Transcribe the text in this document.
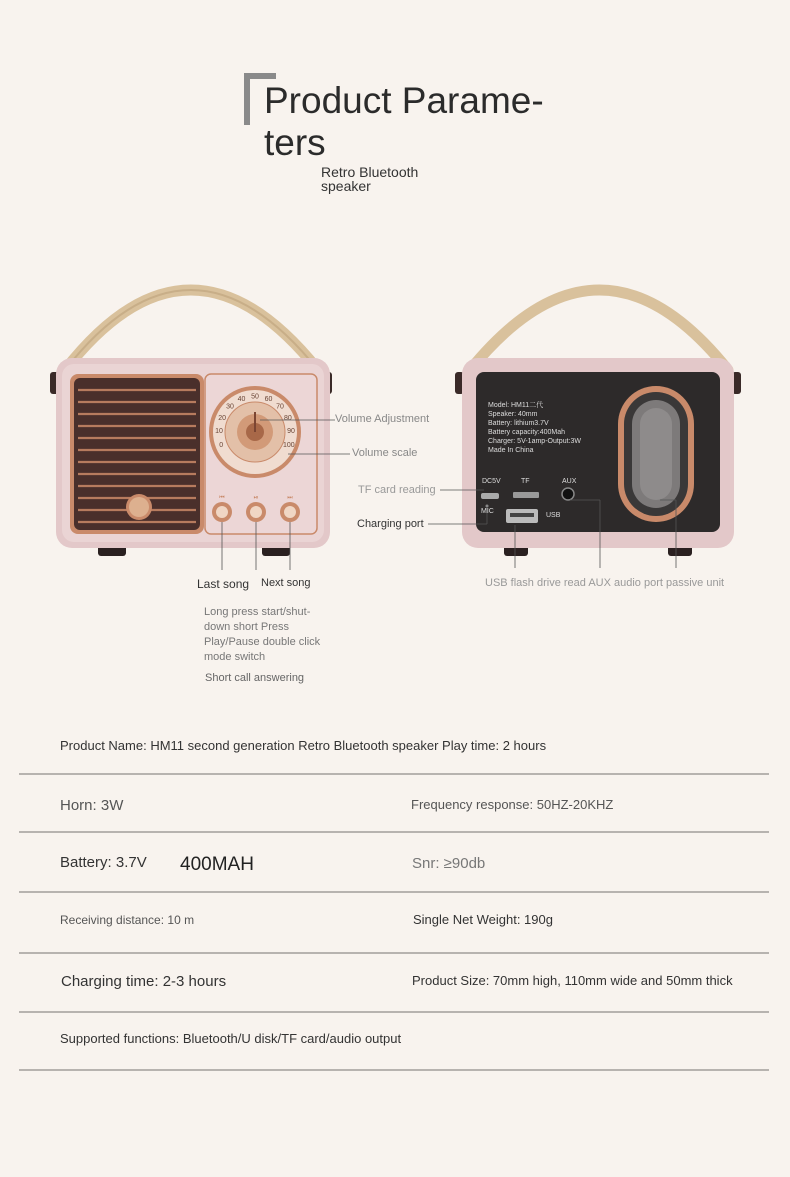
Product Parame-ters
Retro Bluetooth speaker
0
10
20
30
40 50 60
70
80
90
100
⏮	⏯	⏭
Model: HM11二代
Speaker: 40mm
Battery: lithium3.7V
Battery capacity:400Mah
Charger: 5V-1amp-Output:3W
Made In China
DC5V	TF	AUX
MIC
USB
Volume Adjustment
Volume scale
Last song Next song
Long press start/shut-down short Press Play/Pause double click mode switch
Short call answering
TF card reading
Charging port
USB flash drive read AUX audio port passive unit
Product Name: HM11 second generation Retro Bluetooth speaker Play time: 2 hours
Horn: 3W	Frequency response: 50HZ-20KHZ
Battery: 3.7V 400MAH	Snr: ≥90db
Receiving distance: 10 m	Single Net Weight: 190g
Charging time: 2-3 hours	Product Size: 70mm high, 110mm wide and 50mm thick
Supported functions: Bluetooth/U disk/TF card/audio output
